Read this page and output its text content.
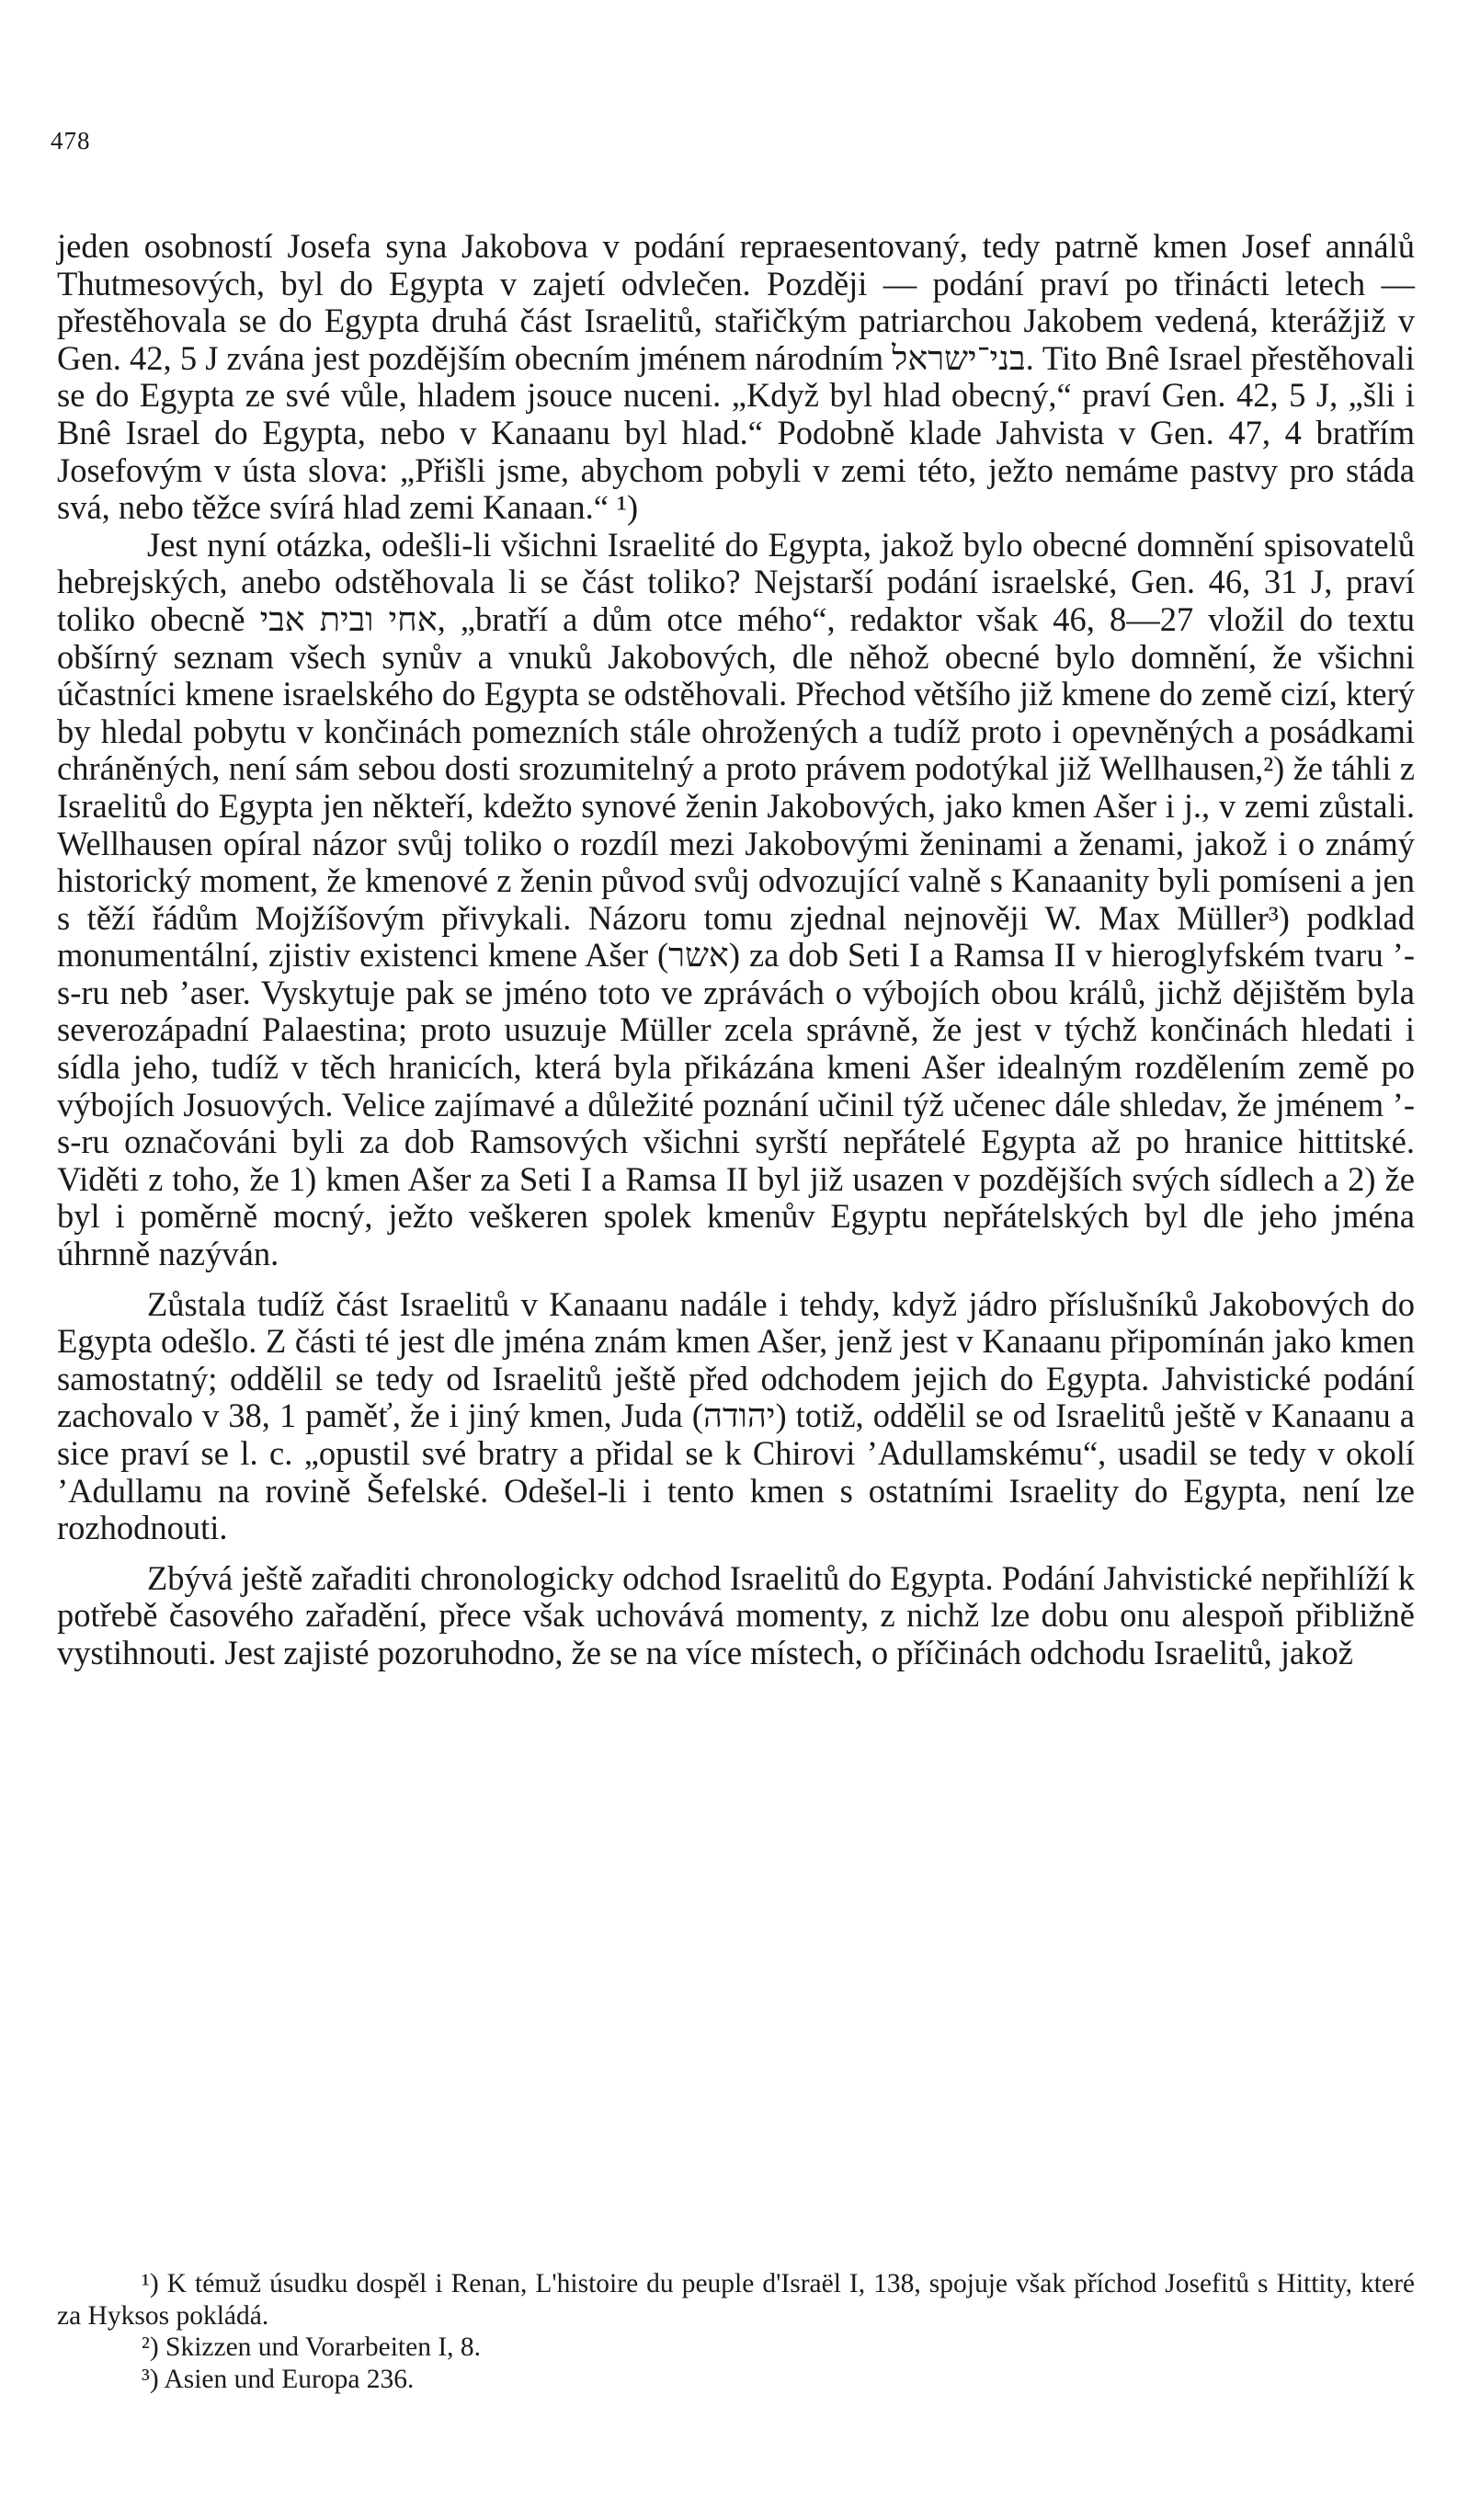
478

jeden osobností Josefa syna Jakobova v podání repraesentovaný, tedy patrně kmen Josef annálů Thutmesových, byl do Egypta v zajetí odvlečen. Později — podání praví po třinácti letech — přestěhovala se do Egypta druhá část Israelitů, stařičkým patriarchou Jakobem vedená, kterážjiž v Gen. 42, 5 J zvána jest pozdějším obecním jménem národním בני־ישראל. Tito Bnê Israel přestěhovali se do Egypta ze své vůle, hladem jsouce nuceni. „Když byl hlad obecný,“ praví Gen. 42, 5 J, „šli i Bnê Israel do Egypta, nebo v Kanaanu byl hlad.“ Podobně klade Jahvista v Gen. 47, 4 bratřím Josefovým v ústa slova: „Přišli jsme, abychom pobyli v zemi této, ježto nemáme pastvy pro stáda svá, nebo těžce svírá hlad zemi Kanaan.“ ¹)

Jest nyní otázka, odešli-li všichni Israelité do Egypta, jakož bylo obecné domnění spisovatelů hebrejských, anebo odstěhovala li se část toliko? Nejstarší podání israelské, Gen. 46, 31 J, praví toliko obecně אחי ובית אבי, „bratří a dům otce mého“, redaktor však 46, 8—27 vložil do textu obšírný seznam všech synův a vnuků Jakobových, dle něhož obecné bylo domnění, že všichni účastníci kmene israelského do Egypta se odstěhovali. Přechod většího již kmene do země cizí, který by hledal pobytu v končinách pomezních stále ohrožených a tudíž proto i opevněných a posádkami chráněných, není sám sebou dosti srozumitelný a proto právem podotýkal již Wellhausen,²) že táhli z Israelitů do Egypta jen někteří, kdežto synové ženin Jakobových, jako kmen Ašer i j., v zemi zůstali. Wellhausen opíral názor svůj toliko o rozdíl mezi Jakobovými ženinami a ženami, jakož i o známý historický moment, že kmenové z ženin původ svůj odvozující valně s Kanaanity byli pomíseni a jen s těží řádům Mojžíšovým přivykali. Názoru tomu zjednal nejnověji W. Max Müller³) podklad monumentální, zjistiv existenci kmene Ašer (אשר) za dob Seti I a Ramsa II v hieroglyfském tvaru ʼ-s-ru neb ʼaser. Vyskytuje pak se jméno toto ve zprávách o výbojích obou králů, jichž dějištěm byla severozápadní Palaestina; proto usuzuje Müller zcela správně, že jest v týchž končinách hledati i sídla jeho, tudíž v těch hranicích, která byla přikázána kmeni Ašer idealným rozdělením země po výbojích Josuových. Velice zajímavé a důležité poznání učinil týž učenec dále shledav, že jménem ʼ-s-ru označováni byli za dob Ramsových všichni syrští nepřátelé Egypta až po hranice hittitské. Viděti z toho, že 1) kmen Ašer za Seti I a Ramsa II byl již usazen v pozdějších svých sídlech a 2) že byl i poměrně mocný, ježto veškeren spolek kmenův Egyptu nepřátelských byl dle jeho jména úhrnně nazýván.

Zůstala tudíž část Israelitů v Kanaanu nadále i tehdy, když jádro příslušníků Jakobových do Egypta odešlo. Z části té jest dle jména znám kmen Ašer, jenž jest v Kanaanu připomínán jako kmen samostatný; oddělil se tedy od Israelitů ještě před odchodem jejich do Egypta. Jahvistické podání zachovalo v 38, 1 paměť, že i jiný kmen, Juda (יהודה) totiž, oddělil se od Israelitů ještě v Kanaanu a sice praví se l. c. „opustil své bratry a přidal se k Chirovi ʼAdullamskému“, usadil se tedy v okolí ʼAdullamu na rovině Šefelské. Odešel-li i tento kmen s ostatními Israelity do Egypta, není lze rozhodnouti.

Zbývá ještě zařaditi chronologicky odchod Israelitů do Egypta. Podání Jahvistické nepřihlíží k potřebě časového zařadění, přece však uchovává momenty, z nichž lze dobu onu alespoň přibližně vystihnouti. Jest zajisté pozoruhodno, že se na více místech, o příčinách odchodu Israelitů, jakož

¹) K témuž úsudku dospěl i Renan, L'histoire du peuple d'Israël I, 138, spojuje však příchod Josefitů s Hittity, které za Hyksos pokládá.

²) Skizzen und Vorarbeiten I, 8.

³) Asien und Europa 236.
